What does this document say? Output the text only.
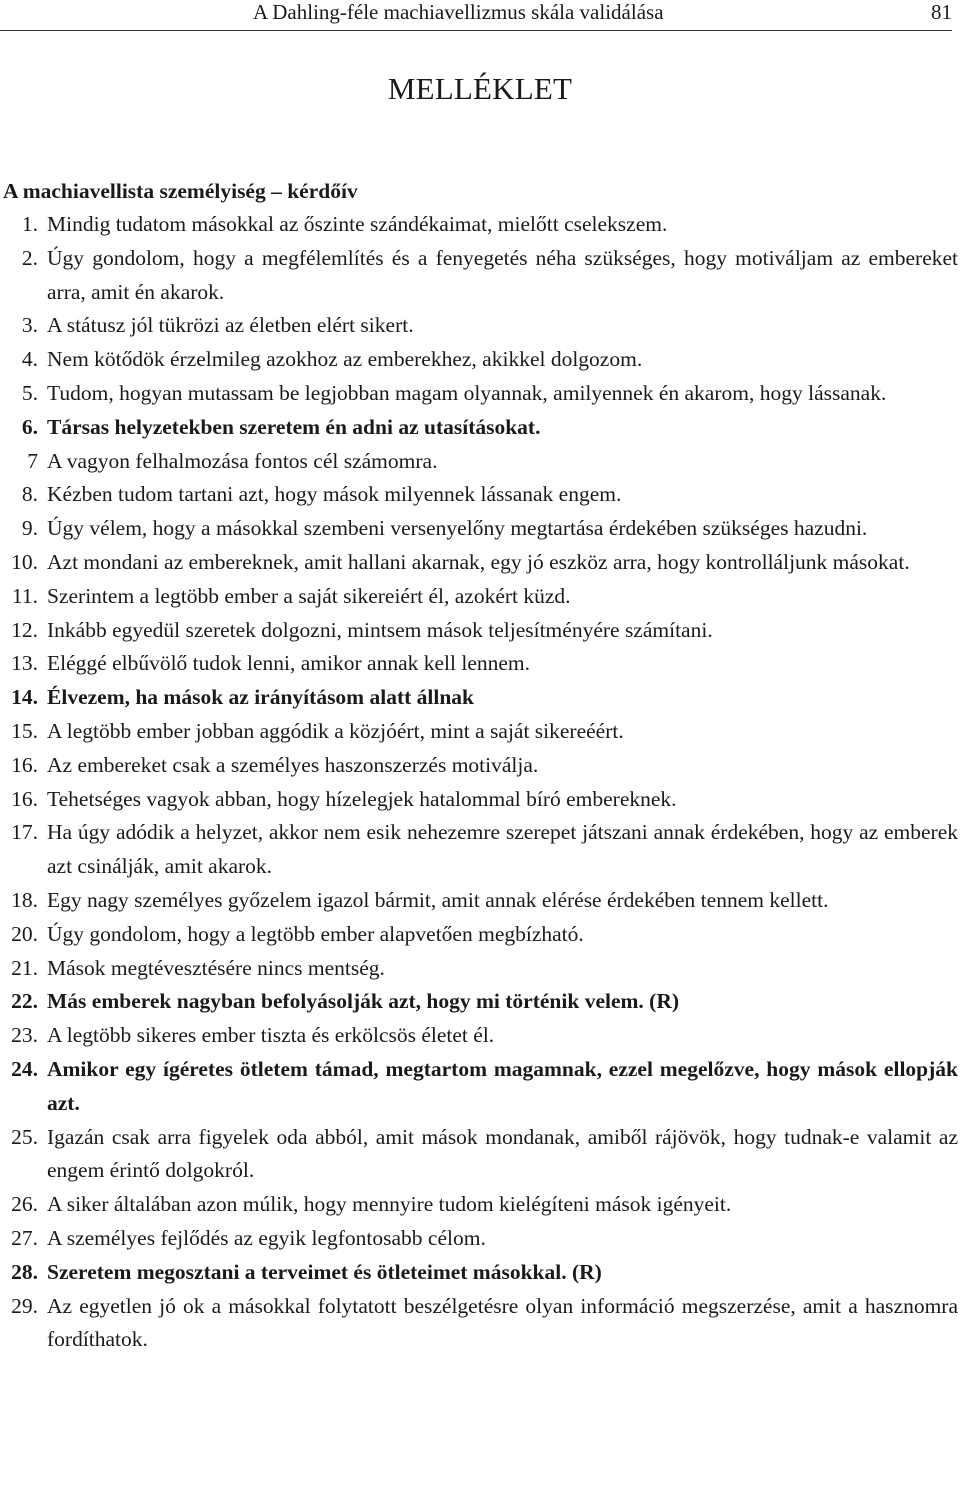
A Dahling-féle machiavellizmus skála validálása	81
MELLÉKLET
A machiavellista személyiség – kérdőív
1. Mindig tudatom másokkal az őszinte szándékaimat, mielőtt cselekszem.
2. Úgy gondolom, hogy a megfélemlítés és a fenyegetés néha szükséges, hogy motiváljam az embereket arra, amit én akarok.
3. A státusz jól tükrözi az életben elért sikert.
4. Nem kötődök érzelmileg azokhoz az emberekhez, akikkel dolgozom.
5. Tudom, hogyan mutassam be legjobban magam olyannak, amilyennek én akarom, hogy lássanak.
6. Társas helyzetekben szeretem én adni az utasításokat.
7 A vagyon felhalmozása fontos cél számomra.
8. Kézben tudom tartani azt, hogy mások milyennek lássanak engem.
9. Úgy vélem, hogy a másokkal szembeni versenyelőny megtartása érdekében szükséges hazudni.
10. Azt mondani az embereknek, amit hallani akarnak, egy jó eszköz arra, hogy kontrolláljunk másokat.
11. Szerintem a legtöbb ember a saját sikereiért él, azokért küzd.
12. Inkább egyedül szeretek dolgozni, mintsem mások teljesítményére számítani.
13. Eléggé elbűvölő tudok lenni, amikor annak kell lennem.
14. Élvezem, ha mások az irányításom alatt állnak
15. A legtöbb ember jobban aggódik a közjóért, mint a saját sikereéért.
16. Az embereket csak a személyes haszonszerzés motiválja.
16. Tehetséges vagyok abban, hogy hízelegjek hatalommal bíró embereknek.
17. Ha úgy adódik a helyzet, akkor nem esik nehezemre szerepet játszani annak érdekében, hogy az emberek azt csinálják, amit akarok.
18. Egy nagy személyes győzelem igazol bármit, amit annak elérése érdekében tennem kellett.
20. Úgy gondolom, hogy a legtöbb ember alapvetően megbízható.
21. Mások megtévesztésére nincs mentség.
22. Más emberek nagyban befolyásolják azt, hogy mi történik velem. (R)
23. A legtöbb sikeres ember tiszta és erkölcsös életet él.
24. Amikor egy ígéretes ötletem támad, megtartom magamnak, ezzel megelőzve, hogy mások ellopják azt.
25. Igazán csak arra figyelek oda abból, amit mások mondanak, amiből rájövök, hogy tudnak-e valamit az engem érintő dolgokról.
26. A siker általában azon múlik, hogy mennyire tudom kielégíteni mások igényeit.
27. A személyes fejlődés az egyik legfontosabb célom.
28. Szeretem megosztani a terveimet és ötleteimet másokkal. (R)
29. Az egyetlen jó ok a másokkal folytatott beszélgetésre olyan információ megszerzése, amit a hasznomra fordíthatok.
